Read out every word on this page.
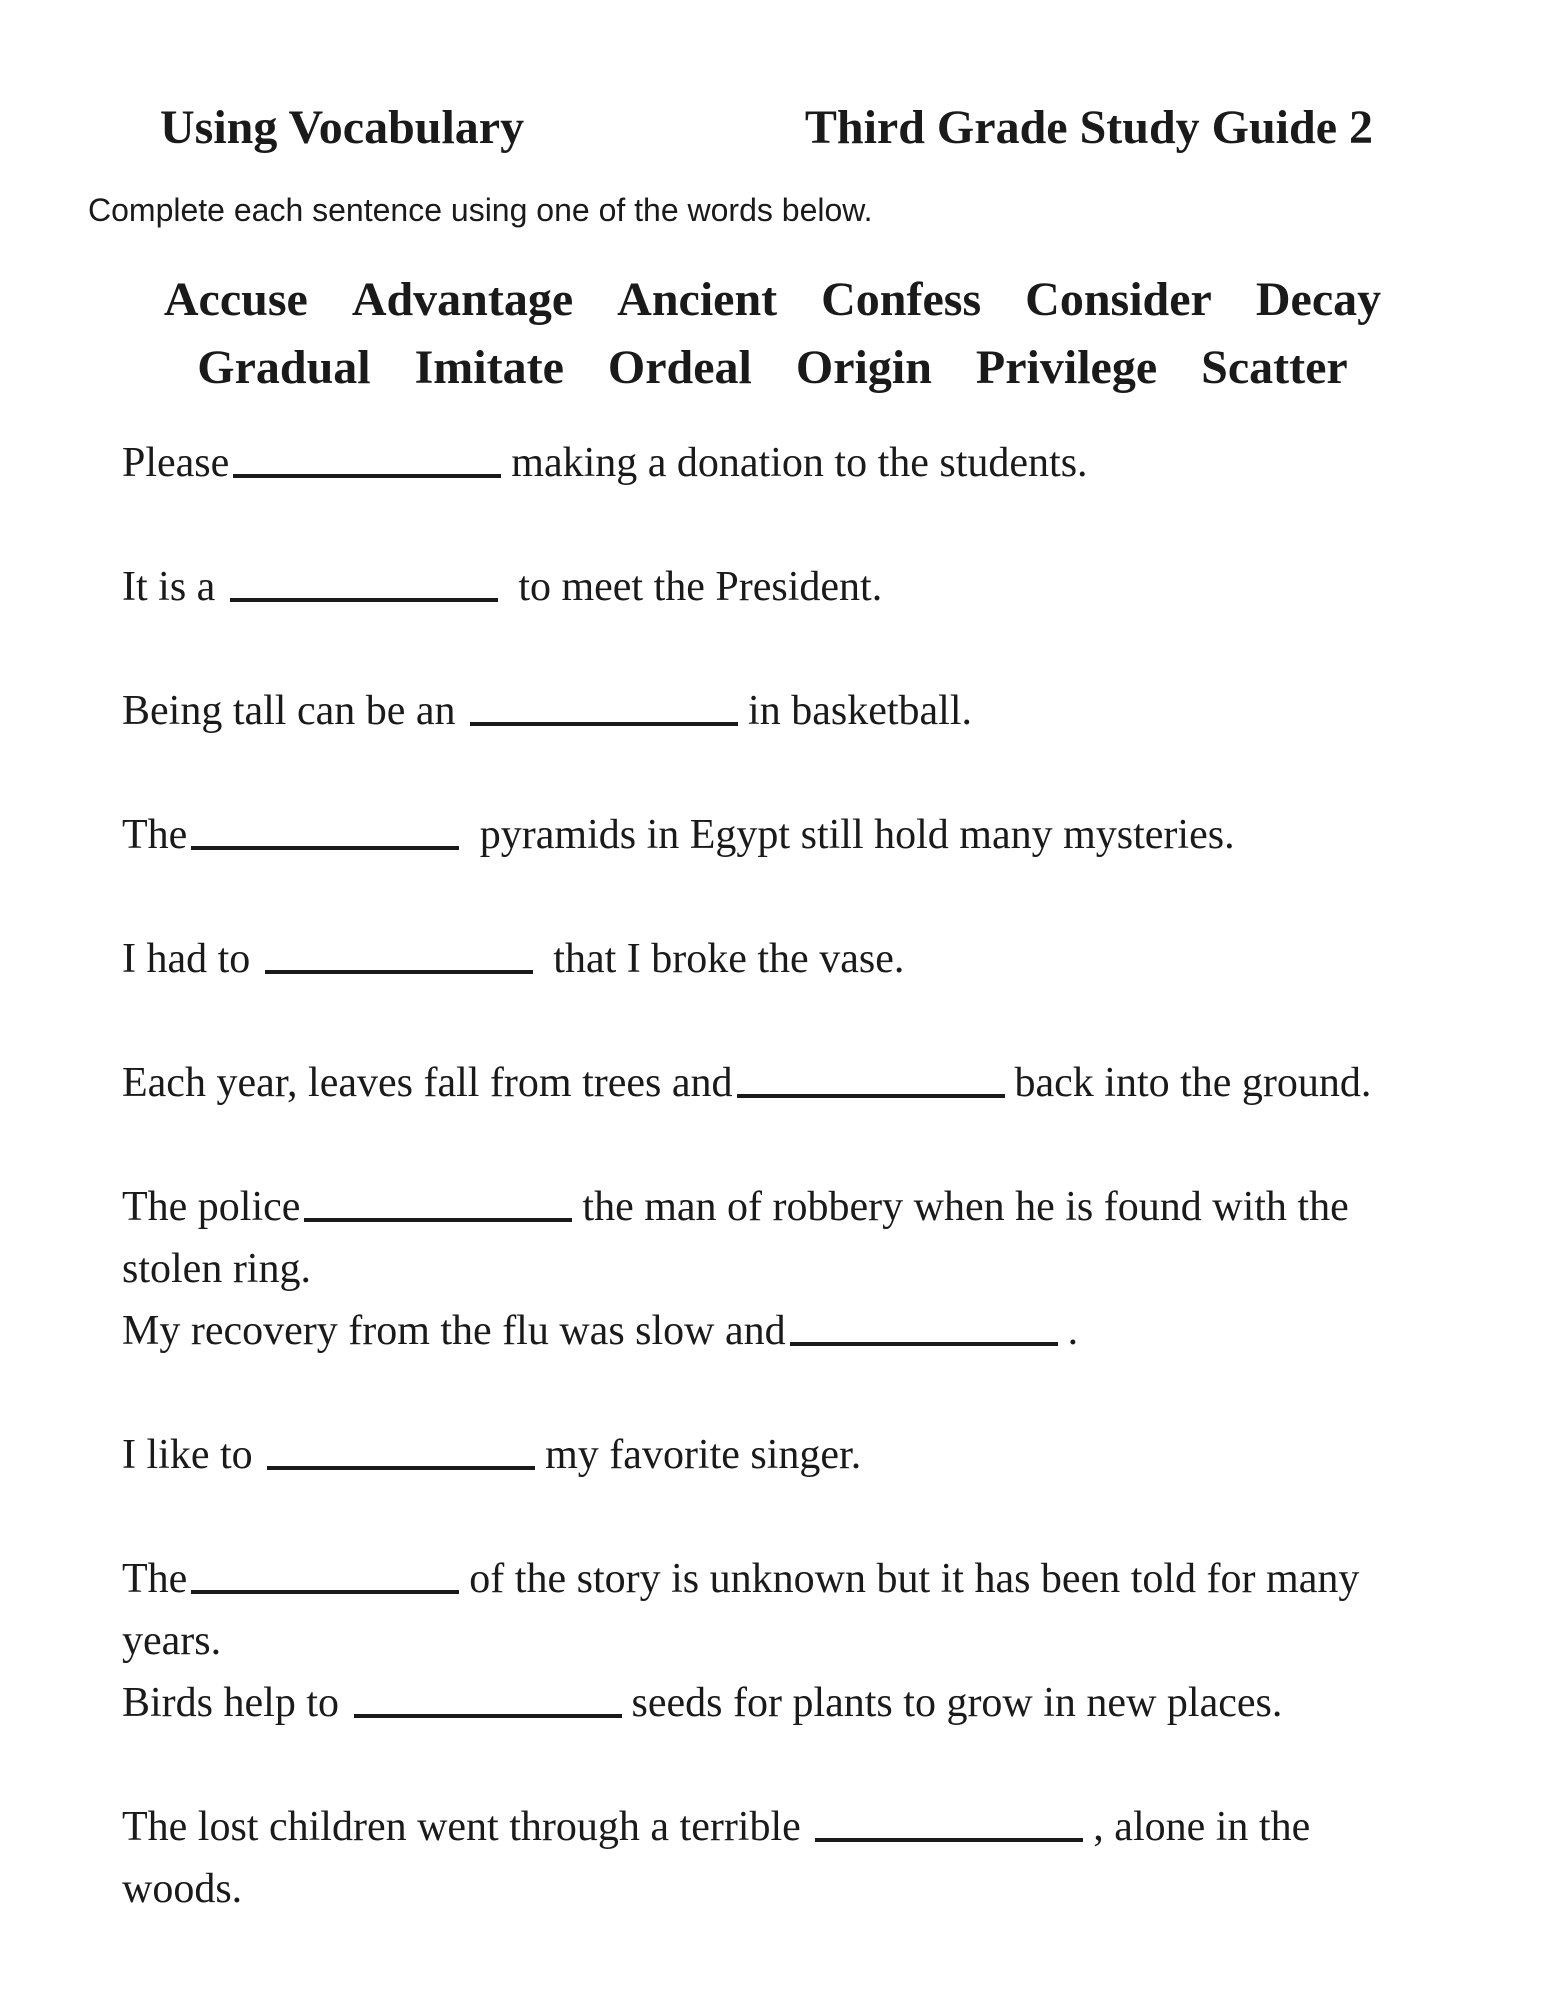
Using Vocabulary	Third Grade Study Guide 2
Complete each sentence using one of the words below.
Accuse Advantage Ancient Confess Consider Decay
Gradual Imitate Ordeal Origin Privilege Scatter

Please	making a donation to the students.

It is a	to meet the President.

Being tall can be an	in basketball.

The	pyramids in Egypt still hold many mysteries.

I had to	that I broke the vase.

Each year, leaves fall from trees and	back into the ground.

The police	the man of robbery when he is found with the stolen ring.

My recovery from the flu was slow and	.

I like to	my favorite singer.

The	of the story is unknown but it has been told for many years.

Birds help to	seeds for plants to grow in new places.

The lost children went through a terrible	, alone in the woods.
